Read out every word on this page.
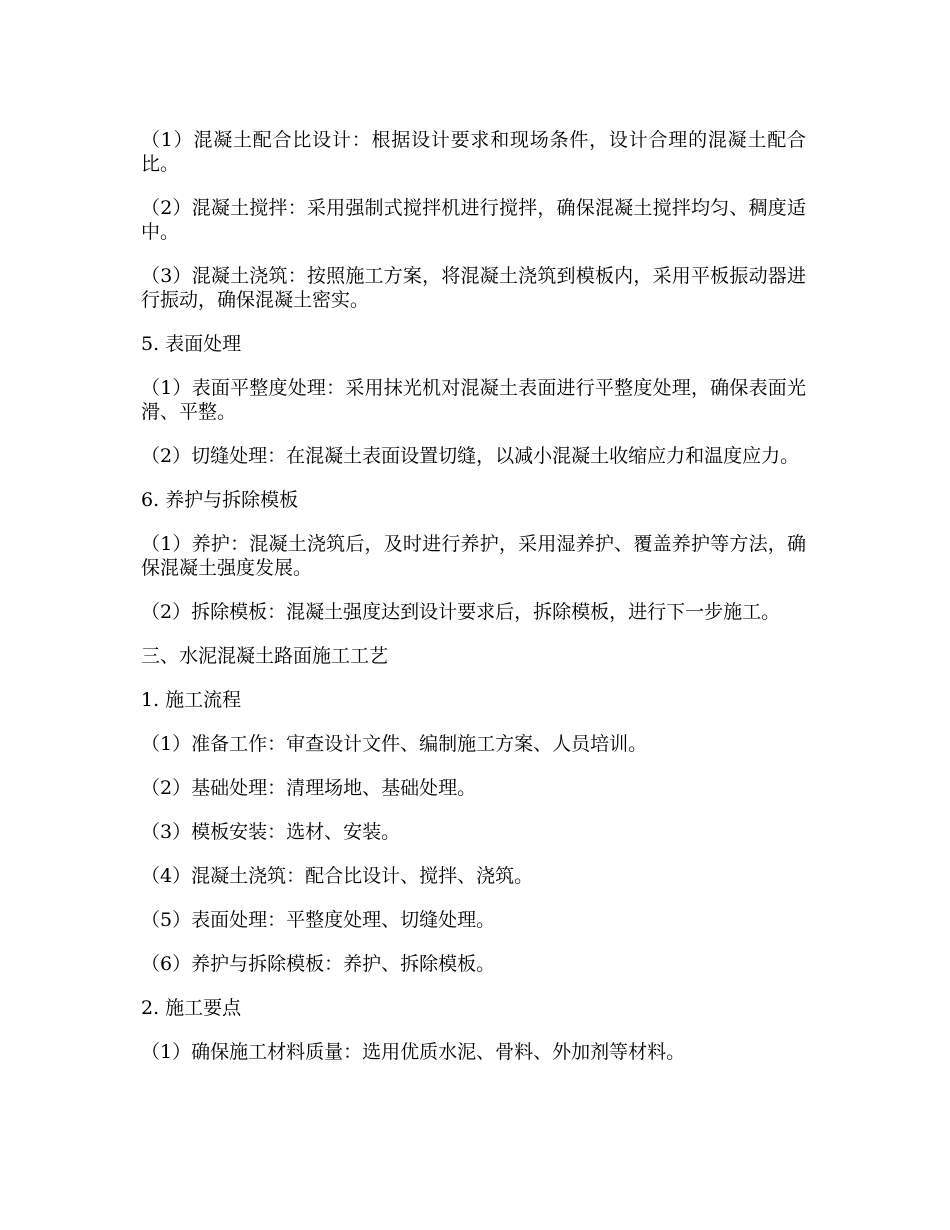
（1）混凝土配合比设计：根据设计要求和现场条件，设计合理的混凝土配合比。

（2）混凝土搅拌：采用强制式搅拌机进行搅拌，确保混凝土搅拌均匀、稠度适中。

（3）混凝土浇筑：按照施工方案，将混凝土浇筑到模板内，采用平板振动器进行振动，确保混凝土密实。

5. 表面处理

（1）表面平整度处理：采用抹光机对混凝土表面进行平整度处理，确保表面光滑、平整。

（2）切缝处理：在混凝土表面设置切缝，以减小混凝土收缩应力和温度应力。

6. 养护与拆除模板

（1）养护：混凝土浇筑后，及时进行养护，采用湿养护、覆盖养护等方法，确保混凝土强度发展。

（2）拆除模板：混凝土强度达到设计要求后，拆除模板，进行下一步施工。

三、水泥混凝土路面施工工艺

1. 施工流程

（1）准备工作：审查设计文件、编制施工方案、人员培训。

（2）基础处理：清理场地、基础处理。

（3）模板安装：选材、安装。

（4）混凝土浇筑：配合比设计、搅拌、浇筑。

（5）表面处理：平整度处理、切缝处理。

（6）养护与拆除模板：养护、拆除模板。

2. 施工要点

（1）确保施工材料质量：选用优质水泥、骨料、外加剂等材料。
